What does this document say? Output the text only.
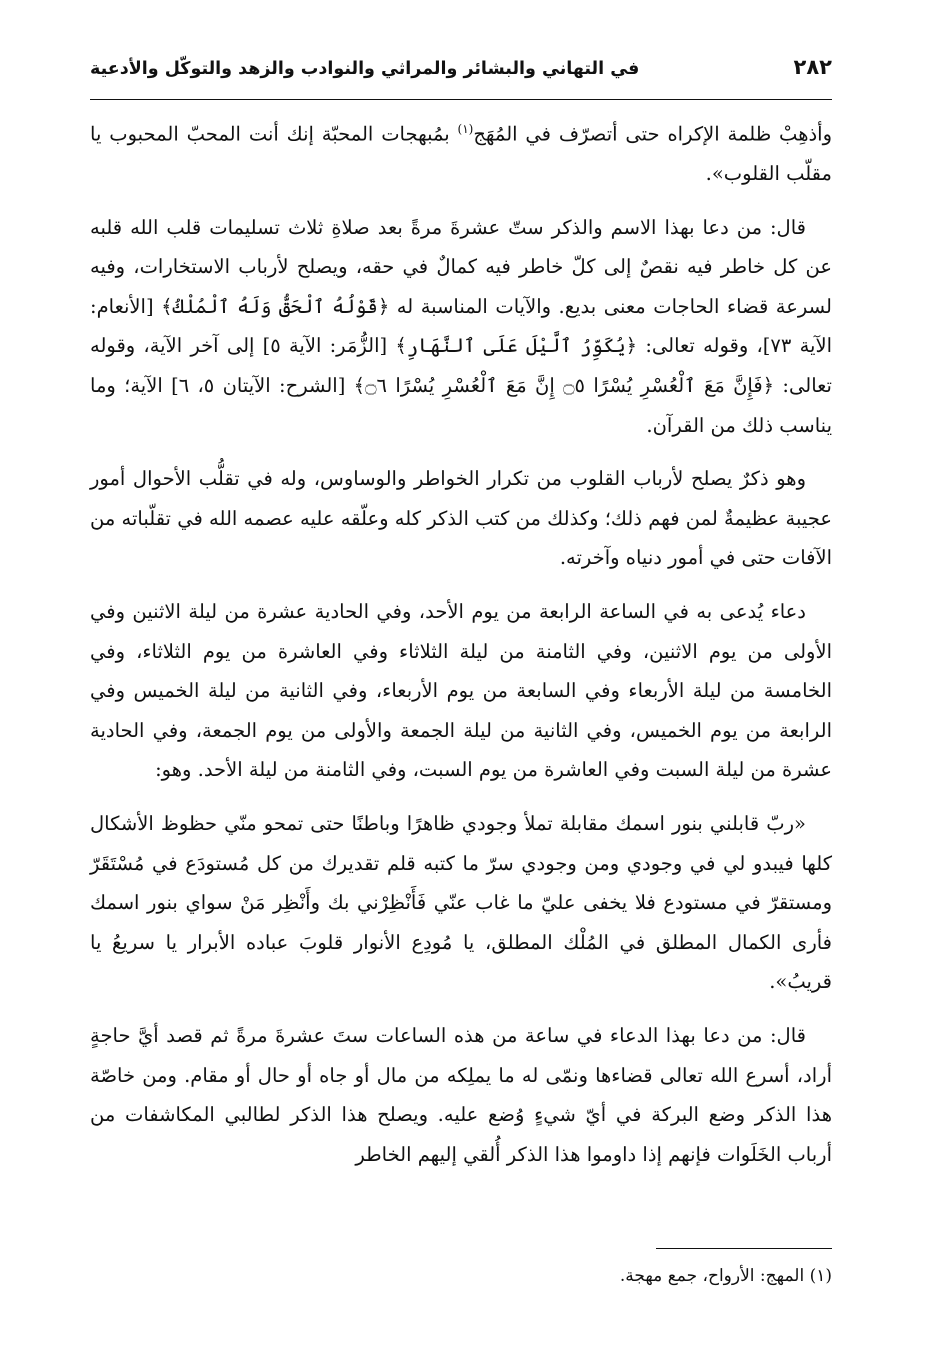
٢٨٢
في التهاني والبشائر والمراثي والنوادب والزهد والتوكّل والأدعية

وأذهِبْ ظلمة الإكراه حتى أتصرّف في المُهَج$^{(١)}$ بمُبهجات المحبّة إنك أنت المحبّ المحبوب يا مقلّب القلوب».

قال: من دعا بهذا الاسم والذكر ستّ عشرةَ مرةً بعد صلاةِ ثلاث تسليمات قلب الله قلبه عن كل خاطر فيه نقصٌ إلى كلّ خاطر فيه كمالٌ في حقه، ويصلح لأرباب الاستخارات، وفيه لسرعة قضاء الحاجات معنى بديع. والآيات المناسبة له ﴿قَوْلُهُ ٱلْحَقُّ وَلَهُ ٱلْمُلْكُ﴾ [الأنعام: الآية ٧٣]، وقوله تعالى: ﴿يُكَوِّرُ ٱلَّيْلَ عَلَى ٱلنَّهَارِ﴾ [الزُّمَر: الآية ٥] إلى آخر الآية، وقوله تعالى: ﴿فَإِنَّ مَعَ ٱلْعُسْرِ يُسْرًا ۝٥ إِنَّ مَعَ ٱلْعُسْرِ يُسْرًا ۝٦﴾ [الشرح: الآيتان ٥، ٦] الآية؛ وما يناسب ذلك من القرآن.

وهو ذكرٌ يصلح لأرباب القلوب من تكرار الخواطر والوساوس، وله في تقلُّب الأحوال أمور عجيبة عظيمةٌ لمن فهم ذلك؛ وكذلك من كتب الذكر كله وعلّقه عليه عصمه الله في تقلّباته من الآفات حتى في أمور دنياه وآخرته.

دعاء يُدعى به في الساعة الرابعة من يوم الأحد، وفي الحادية عشرة من ليلة الاثنين وفي الأولى من يوم الاثنين، وفي الثامنة من ليلة الثلاثاء وفي العاشرة من يوم الثلاثاء، وفي الخامسة من ليلة الأربعاء وفي السابعة من يوم الأربعاء، وفي الثانية من ليلة الخميس وفي الرابعة من يوم الخميس، وفي الثانية من ليلة الجمعة والأولى من يوم الجمعة، وفي الحادية عشرة من ليلة السبت وفي العاشرة من يوم السبت، وفي الثامنة من ليلة الأحد. وهو:

«ربّ قابلني بنور اسمك مقابلة تملأ وجودي ظاهرًا وباطنًا حتى تمحو منّي حظوظ الأشكال كلها فيبدو لي في وجودي ومن وجودي سرّ ما كتبه قلم تقديرك من كل مُستودَع في مُسْتَقَرّ ومستقرّ في مستودع فلا يخفى عليّ ما غاب عنّي فَأَنْظِرْني بك وأَنْظِر مَنْ سواي بنور اسمك فأرى الكمال المطلق في المُلْك المطلق، يا مُودِع الأنوار قلوبَ عباده الأبرار يا سريعُ يا قريبُ».

قال: من دعا بهذا الدعاء في ساعة من هذه الساعات ستَ عشرةَ مرةً ثم قصد أيَّ حاجةٍ أراد، أسرع الله تعالى قضاءها ونمّى له ما يملِكه من مال أو جاه أو حال أو مقام. ومن خاصّة هذا الذكر وضع البركة في أيّ شيءٍ وُضع عليه. ويصلح هذا الذكر لطالبي المكاشفات من أرباب الخَلَوات فإنهم إذا داوموا هذا الذكر أُلقي إليهم الخاطر

(١) المهج: الأرواح، جمع مهجة.
